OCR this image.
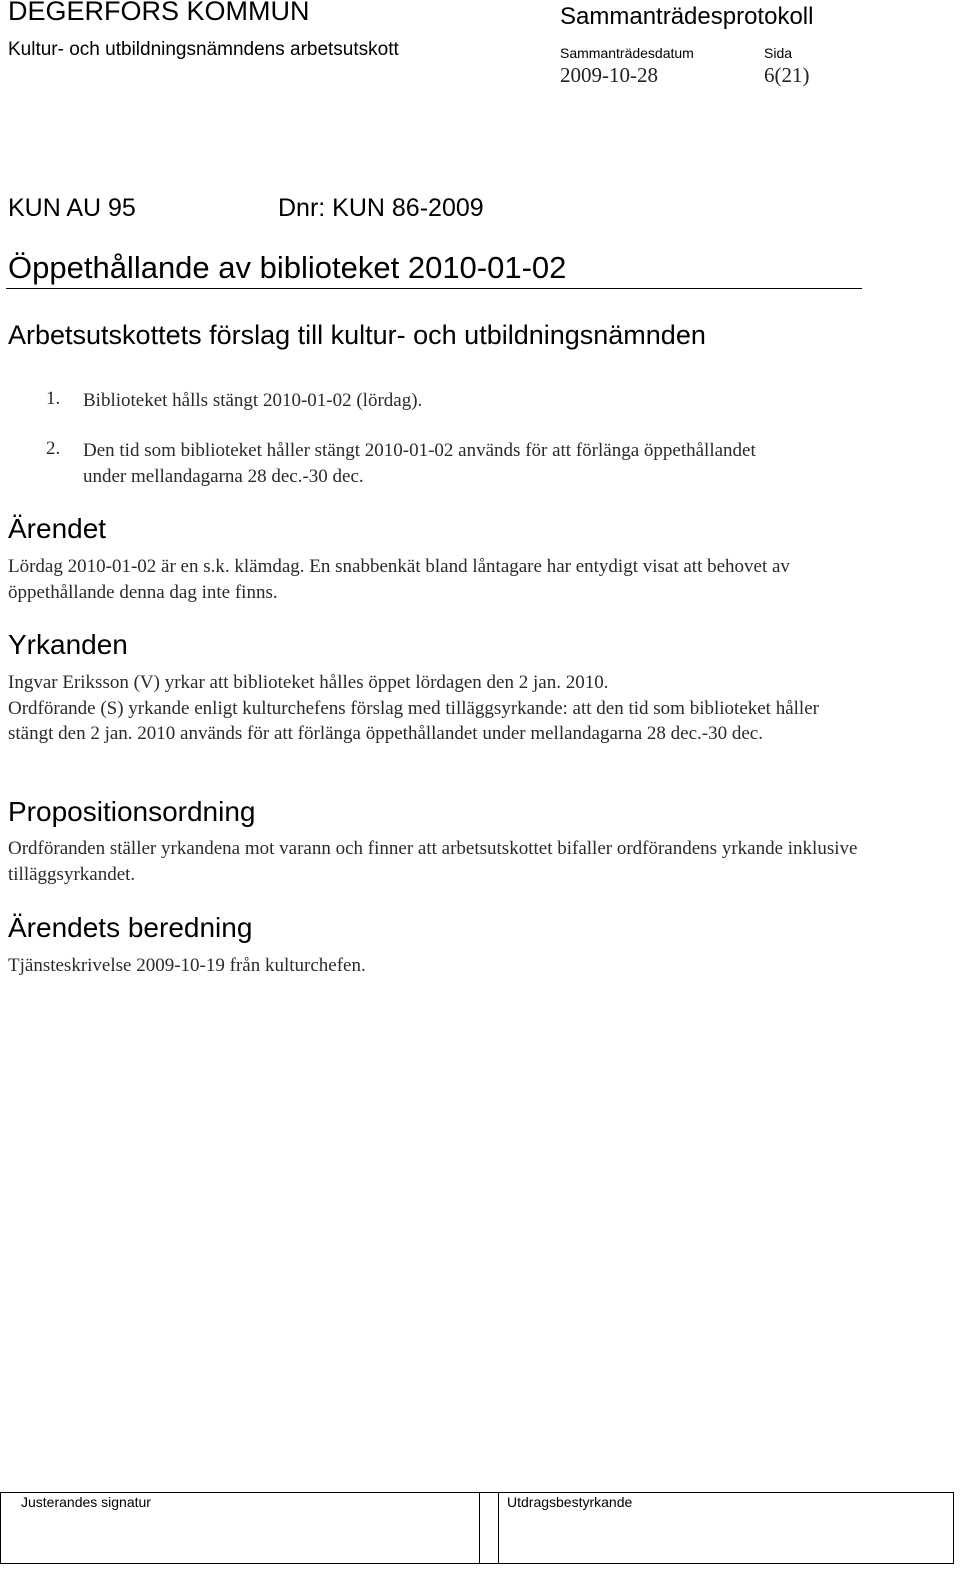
DEGERFORS KOMMUN
Kultur- och utbildningsnämndens arbetsutskott
Sammanträdesprotokoll
Sammanträdesdatum
2009-10-28
Sida
6(21)
KUN AU 95	Dnr: KUN 86-2009
Öppethållande av biblioteket 2010-01-02
Arbetsutskottets förslag till kultur- och utbildningsnämnden
1. Biblioteket hålls stängt 2010-01-02 (lördag).
2. Den tid som biblioteket håller stängt 2010-01-02 används för att förlänga öppethållandet under mellandagarna 28 dec.-30 dec.
Ärendet
Lördag 2010-01-02 är en s.k. klämdag. En snabbenkät bland låntagare har entydigt visat att behovet av öppethållande denna dag inte finns.
Yrkanden
Ingvar Eriksson (V) yrkar att biblioteket hålles öppet lördagen den 2 jan. 2010.
Ordförande (S) yrkande enligt kulturchefens förslag med tilläggsyrkande: att den tid som biblioteket håller stängt den 2 jan. 2010 används för att förlänga öppethållandet under mellandagarna 28 dec.-30 dec.
Propositionsordning
Ordföranden ställer yrkandena mot varann och finner att arbetsutskottet bifaller ordförandens yrkande inklusive tilläggsyrkandet.
Ärendets beredning
Tjänsteskrivelse 2009-10-19 från kulturchefen.
Justerandes signatur	Utdragsbestyrkande
